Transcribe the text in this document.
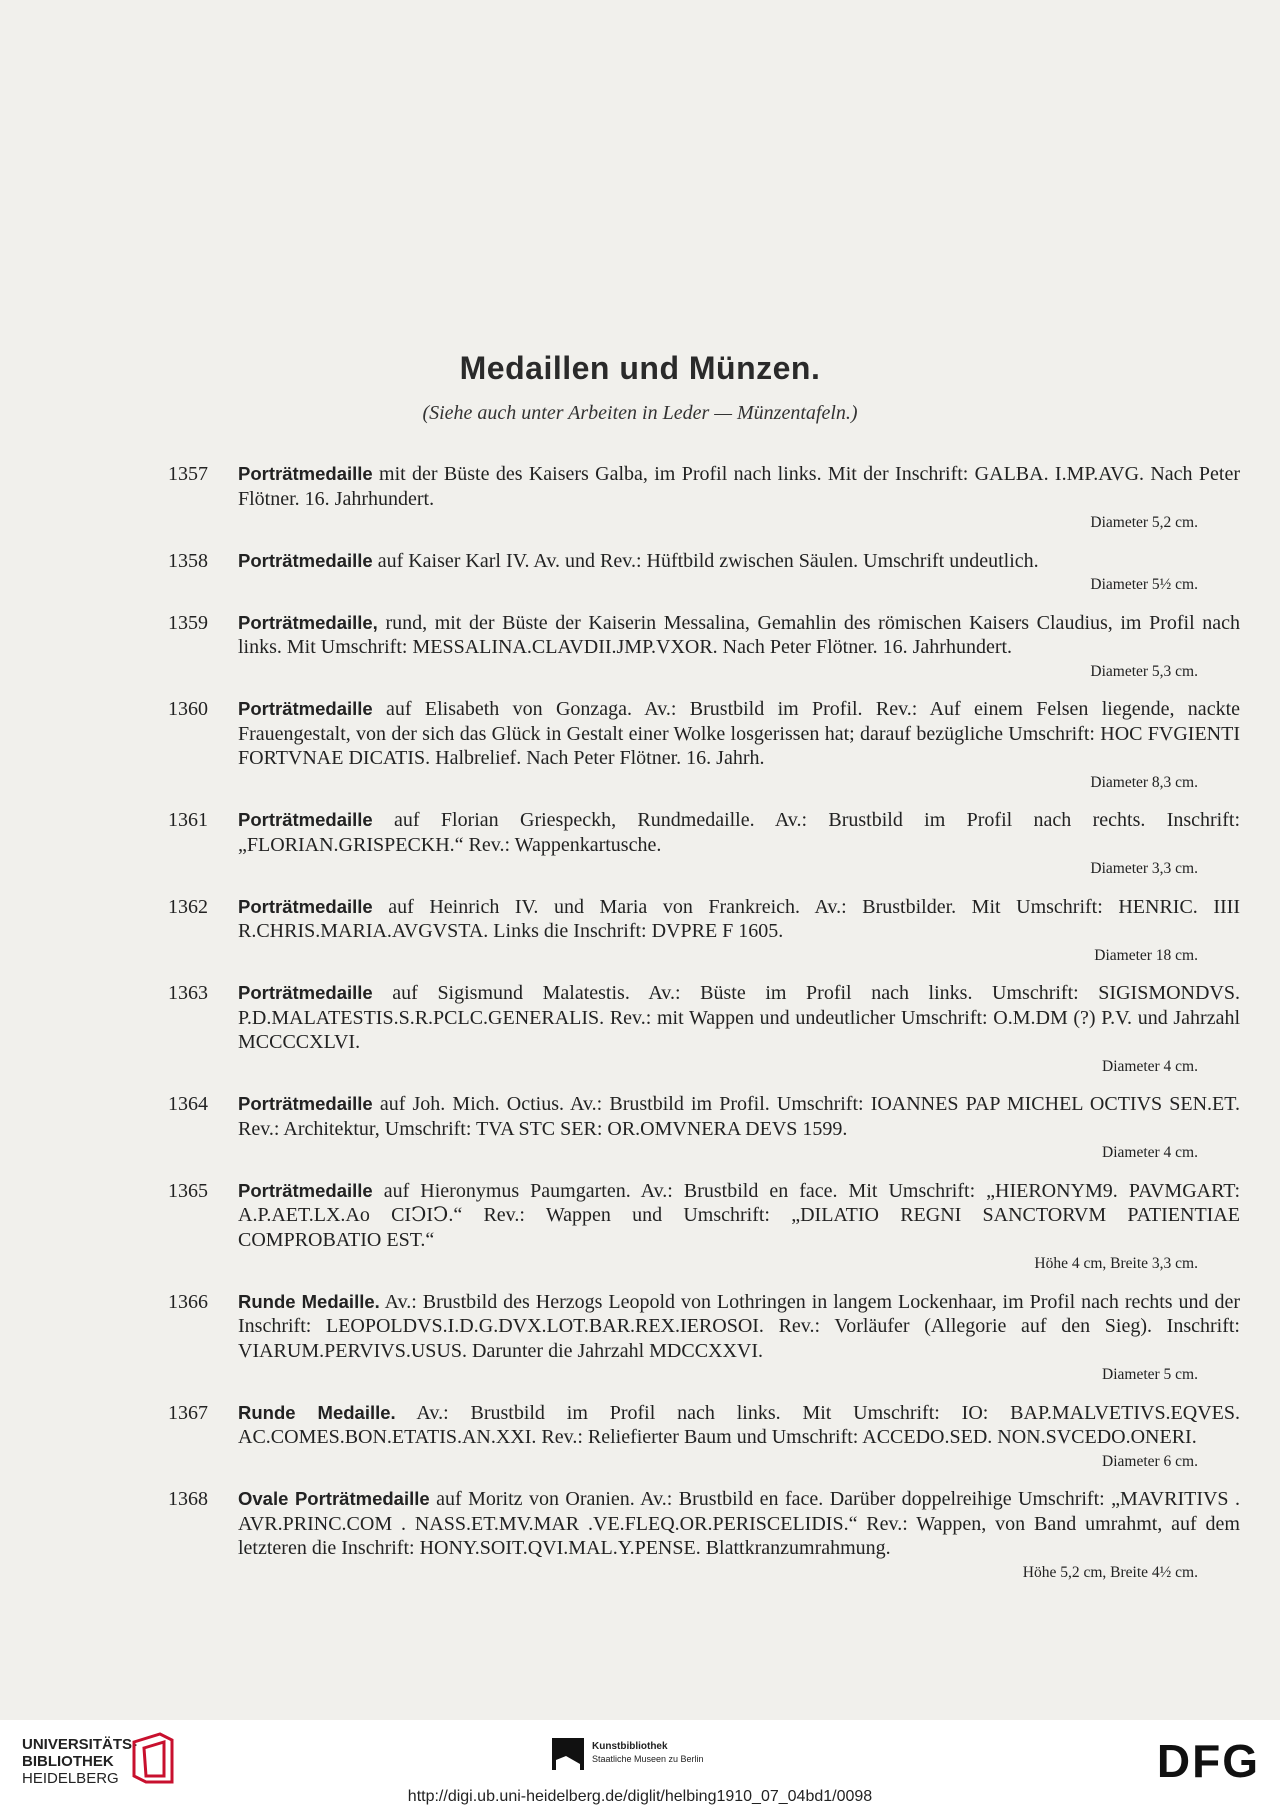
Medaillen und Münzen.
(Siehe auch unter Arbeiten in Leder — Münzentafeln.)
1357	Porträtmedaille mit der Büste des Kaisers Galba, im Profil nach links. Mit der Inschrift: GALBA. I.MP.AVG. Nach Peter Flötner. 16. Jahrhundert.
Diameter 5,2 cm.
1358	Porträtmedaille auf Kaiser Karl IV. Av. und Rev.: Hüftbild zwischen Säulen. Umschrift undeutlich.
Diameter 5½ cm.
1359	Porträtmedaille, rund, mit der Büste der Kaiserin Messalina, Gemahlin des römischen Kaisers Claudius, im Profil nach links. Mit Umschrift: MESSALINA.CLAVDII.JMP.VXOR. Nach Peter Flötner. 16. Jahrhundert.
Diameter 5,3 cm.
1360	Porträtmedaille auf Elisabeth von Gonzaga. Av.: Brustbild im Profil. Rev.: Auf einem Felsen liegende, nackte Frauengestalt, von der sich das Glück in Gestalt einer Wolke losgerissen hat; darauf bezügliche Umschrift: HOC FVGIENTI FORTVNAE DICATIS. Halbrelief. Nach Peter Flötner. 16. Jahrh.
Diameter 8,3 cm.
1361	Porträtmedaille auf Florian Griespeckh, Rundmedaille. Av.: Brustbild im Profil nach rechts. Inschrift: „FLORIAN.GRISPECKH.“ Rev.: Wappenkartusche.
Diameter 3,3 cm.
1362	Porträtmedaille auf Heinrich IV. und Maria von Frankreich. Av.: Brustbilder. Mit Umschrift: HENRIC. IIII R.CHRIS.MARIA.AVGVSTA. Links die Inschrift: DVPRE F 1605.
Diameter 18 cm.
1363	Porträtmedaille auf Sigismund Malatestis. Av.: Büste im Profil nach links. Umschrift: SIGISMONDVS. P.D.MALATESTIS.S.R.PCLC.GENERALIS. Rev.: mit Wappen und undeutlicher Umschrift: O.M.DM (?) P.V. und Jahrzahl MCCCCXLVI.
Diameter 4 cm.
1364	Porträtmedaille auf Joh. Mich. Octius. Av.: Brustbild im Profil. Umschrift: IOANNES PAP MICHEL OCTIVS SEN.ET. Rev.: Architektur, Umschrift: TVA STC SER: OR.OMVNERA DEVS 1599.
Diameter 4 cm.
1365	Porträtmedaille auf Hieronymus Paumgarten. Av.: Brustbild en face. Mit Umschrift: „HIERONYM9. PAVMGART: A.P.AET.LX.Ao CIↃIↃ.“ Rev.: Wappen und Umschrift: „DILATIO REGNI SANCTORVM PATIENTIAE COMPROBATIO EST.“
Höhe 4 cm, Breite 3,3 cm.
1366	Runde Medaille. Av.: Brustbild des Herzogs Leopold von Lothringen in langem Lockenhaar, im Profil nach rechts und der Inschrift: LEOPOLDVS.I.D.G.DVX.LOT.BAR.REX.IEROSOI. Rev.: Vorläufer (Allegorie auf den Sieg). Inschrift: VIARUM.PERVIVS.USUS. Darunter die Jahrzahl MDCCXXVI.
Diameter 5 cm.
1367	Runde Medaille. Av.: Brustbild im Profil nach links. Mit Umschrift: IO: BAP.MALVETIVS.EQVES. AC.COMES.BON.ETATIS.AN.XXI. Rev.: Reliefierter Baum und Umschrift: ACCEDO.SED. NON.SVCEDO.ONERI.
Diameter 6 cm.
1368	Ovale Porträtmedaille auf Moritz von Oranien. Av.: Brustbild en face. Darüber doppelreihige Umschrift: „MAVRITIVS . AVR.PRINC.COM . NASS.ET.MV.MAR .VE.FLEQ.OR.PERISCELIDIS.“ Rev.: Wappen, von Band umrahmt, auf dem letzteren die Inschrift: HONY.SOIT.QVI.MAL.Y.PENSE. Blattkranzumrahmung.
Höhe 5,2 cm, Breite 4½ cm.
UNIVERSITÄTS-
BIBLIOTHEK
HEIDELBERG
Kunstbibliothek
Staatliche Museen zu Berlin	DFG
http://digi.ub.uni-heidelberg.de/diglit/helbing1910_07_04bd1/0098
